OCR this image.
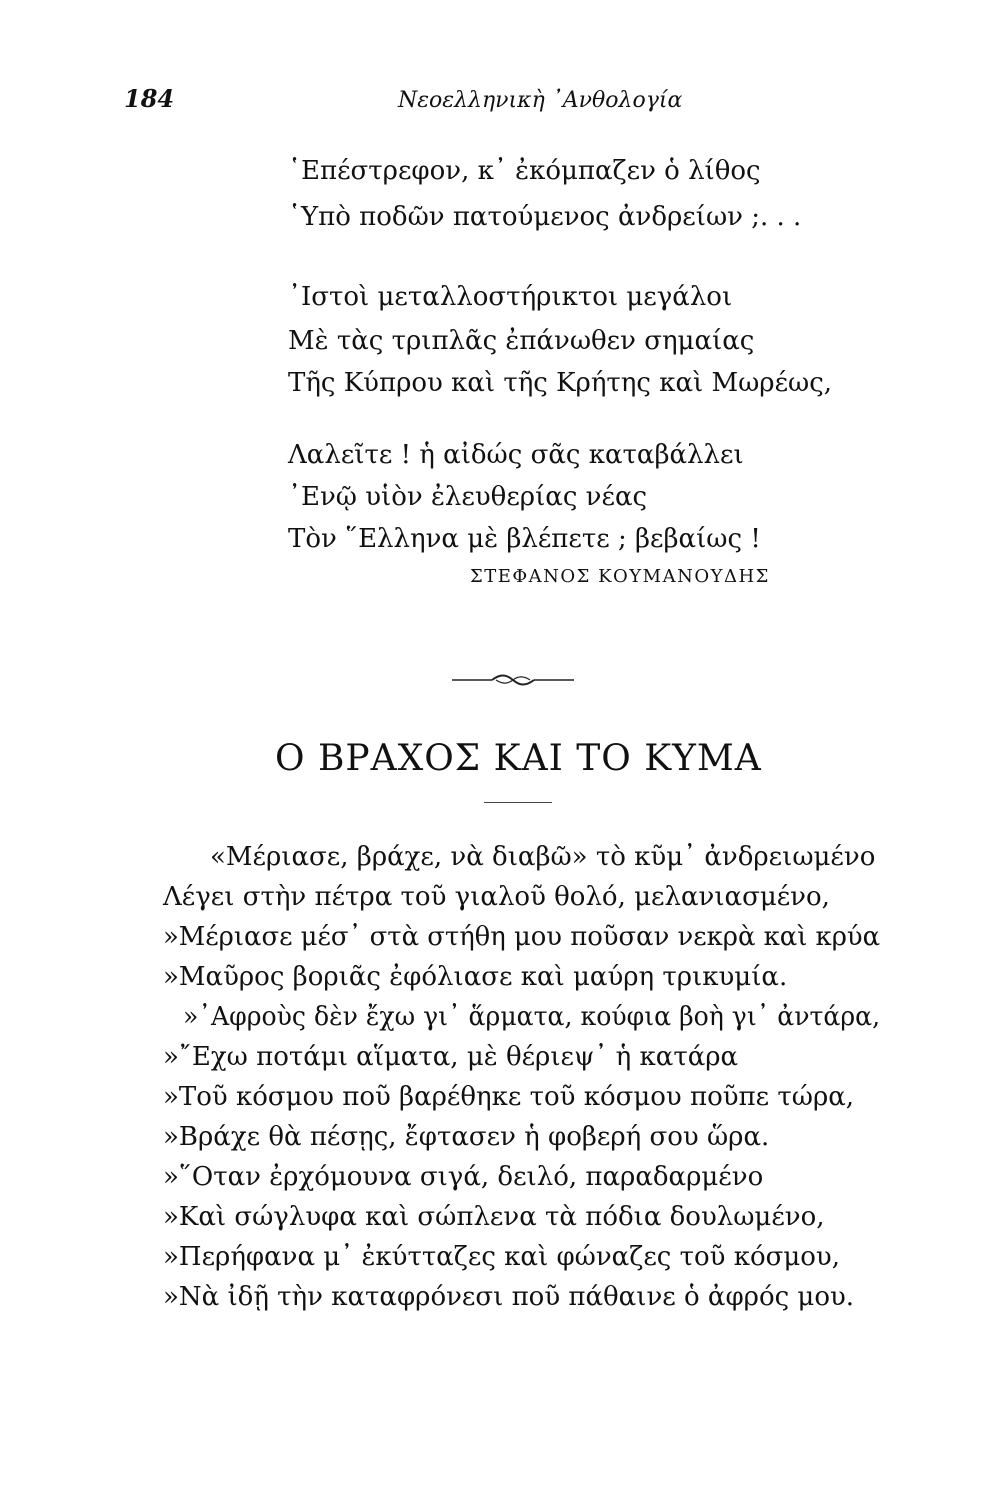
184	Νεοελληνικὴ ᾿Ανθολογία
῾Επέστρεφον, κ᾿ ἐκόμπαζεν ὁ λίθος
῾Υπὸ ποδῶν πατούμενος ἀνδρείων ;. . .
᾿Ιστοὶ μεταλλοστήρικτοι μεγάλοι
Μὲ τὰς τριπλᾶς ἐπάνωθεν σημαίας
Τῆς Κύπρου καὶ τῆς Κρήτης καὶ Μωρέως,
Λαλεῖτε ! ἡ αἰδώς σᾶς καταβάλλει
᾿Ενῷ υἱὸν ἐλευθερίας νέας
Τὸν ῞Ελληνα μὲ βλέπετε ; βεβαίως !
ΣΤΕΦΑΝΟΣ ΚΟΥΜΑΝΟΥΔΗΣ
Ο ΒΡΑΧΟΣ ΚΑΙ ΤΟ ΚΥΜΑ
«Μέριασε, βράχε, νὰ διαβῶ» τὸ κῦμ᾿ ἀνδρειωμένο
Λέγει στὴν πέτρα τοῦ γιαλοῦ θολό, μελανιασμένο,
»Μέριασε μέσ᾿ στὰ στήθη μου ποῦσαν νεκρὰ καὶ κρύα
»Μαῦρος βοριᾶς ἐφόλιασε καὶ μαύρη τρικυμία.
»᾿Αφροὺς δὲν ἔχω γι᾿ ἅρματα, κούφια βοὴ γι᾿ ἀντάρα,
»῎Εχω ποτάμι αἵματα, μὲ θέριεψ᾿ ἡ κατάρα
»Τοῦ κόσμου ποῦ βαρέθηκε τοῦ κόσμου ποῦπε τώρα,
»Βράχε θὰ πέσῃς, ἔφτασεν ἡ φοβερή σου ὥρα.
»῞Οταν ἐρχόμουνα σιγά, δειλό, παραδαρμένο
»Καὶ σώγλυφα καὶ σώπλενα τὰ πόδια δουλωμένο,
»Περήφανα μ᾿ ἐκύτταζες καὶ φώναζες τοῦ κόσμου,
»Νὰ ἰδῇ τὴν καταφρόνεσι ποῦ πάθαινε ὁ ἀφρός μου.
